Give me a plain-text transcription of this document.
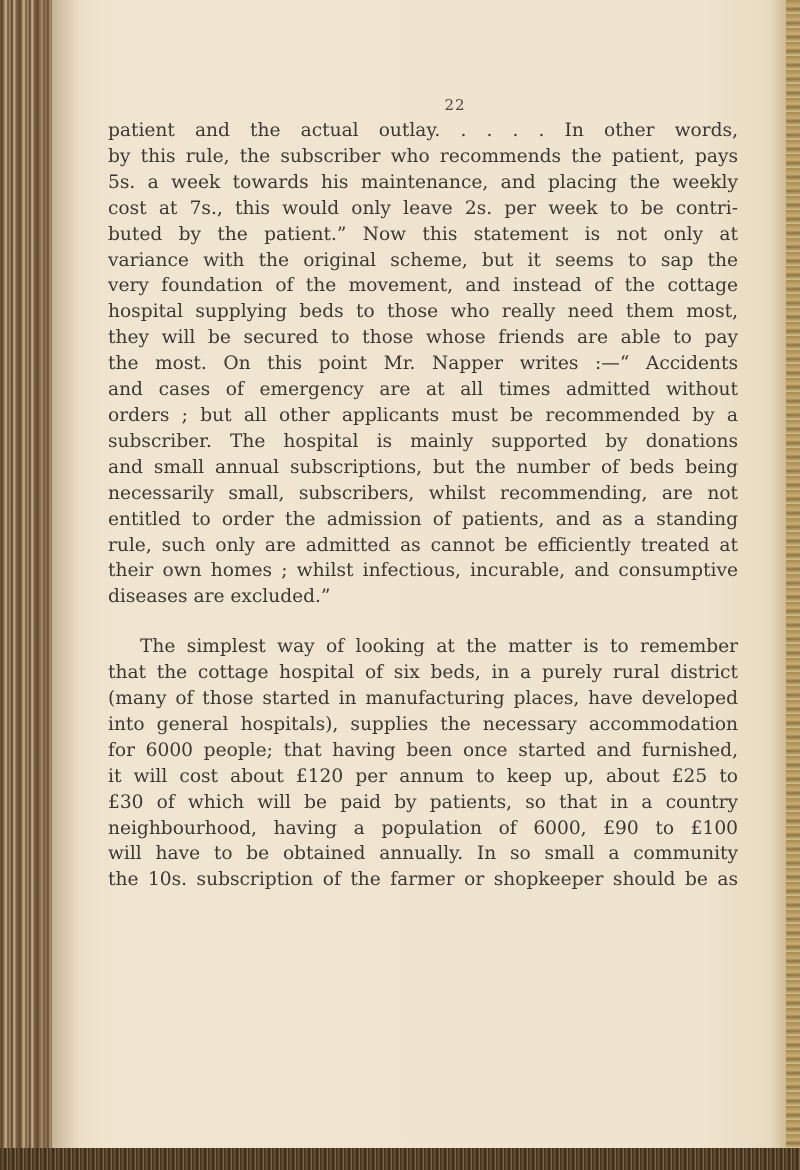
22
patient and the actual outlay. . . . . In other words,
by this rule, the subscriber who recommends the patient, pays
5s. a week towards his maintenance, and placing the weekly
cost at 7s., this would only leave 2s. per week to be contri-
buted by the patient.” Now this statement is not only at
variance with the original scheme, but it seems to sap the
very foundation of the movement, and instead of the cottage
hospital supplying beds to those who really need them most,
they will be secured to those whose friends are able to pay
the most. On this point Mr. Napper writes :—“ Accidents
and cases of emergency are at all times admitted without
orders ; but all other applicants must be recommended by a
subscriber. The hospital is mainly supported by donations
and small annual subscriptions, but the number of beds being
necessarily small, subscribers, whilst recommending, are not
entitled to order the admission of patients, and as a standing
rule, such only are admitted as cannot be efficiently treated at
their own homes ; whilst infectious, incurable, and consumptive
diseases are excluded.”
The simplest way of looking at the matter is to remember
that the cottage hospital of six beds, in a purely rural district
(many of those started in manufacturing places, have developed
into general hospitals), supplies the necessary accommodation
for 6000 people; that having been once started and furnished,
it will cost about £120 per annum to keep up, about £25 to
£30 of which will be paid by patients, so that in a country
neighbourhood, having a population of 6000, £90 to £100
will have to be obtained annually. In so small a community
the 10s. subscription of the farmer or shopkeeper should be as
